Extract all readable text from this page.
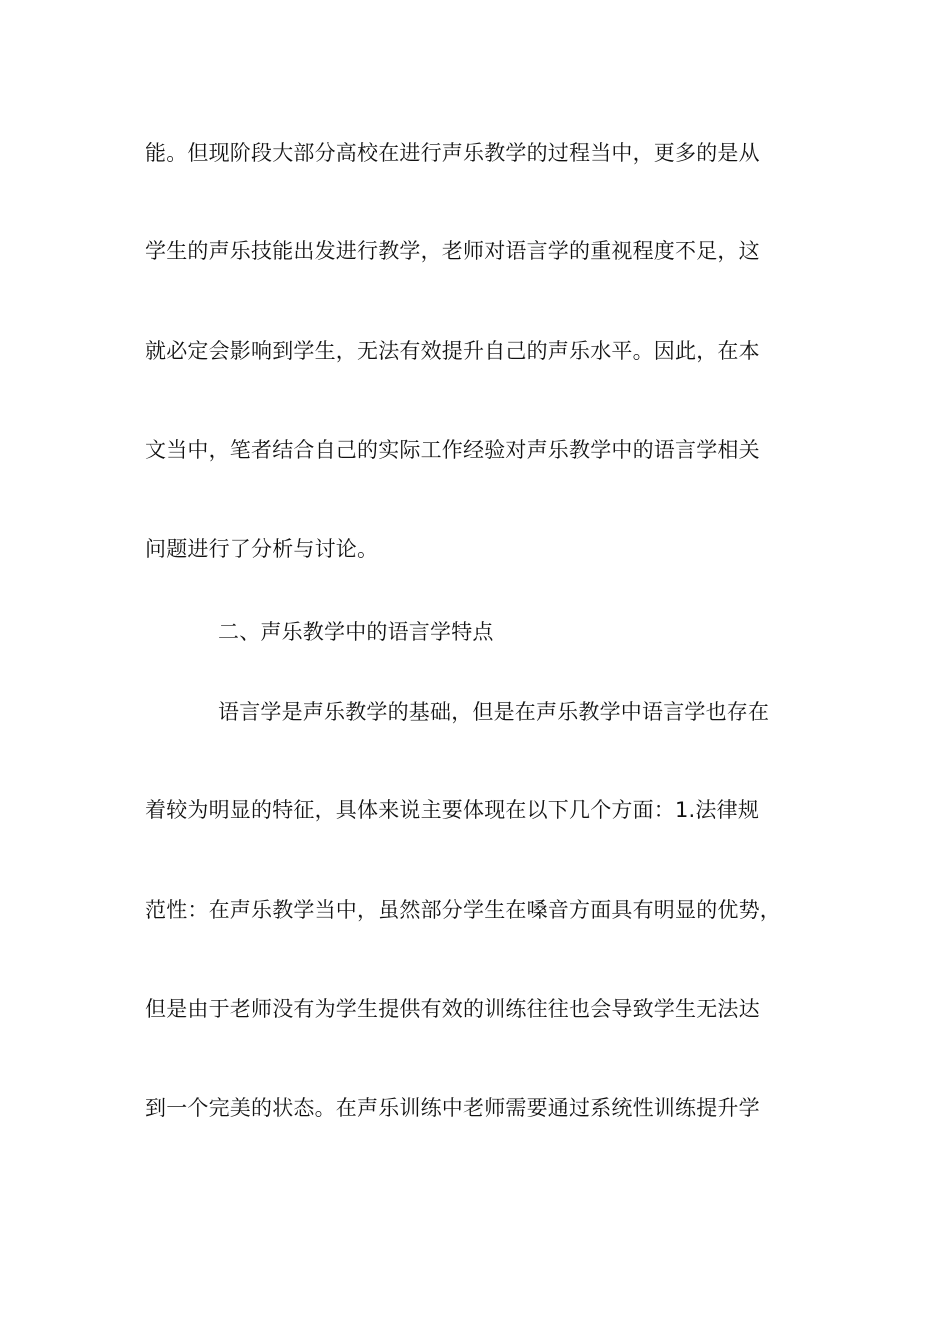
能。但现阶段大部分高校在进行声乐教学的过程当中，更多的是从
学生的声乐技能出发进行教学，老师对语言学的重视程度不足，这
就必定会影响到学生，无法有效提升自己的声乐水平。因此，在本
文当中，笔者结合自己的实际工作经验对声乐教学中的语言学相关
问题进行了分析与讨论。
二、声乐教学中的语言学特点
语言学是声乐教学的基础，但是在声乐教学中语言学也存在
着较为明显的特征，具体来说主要体现在以下几个方面：1.法律规
范性：在声乐教学当中，虽然部分学生在嗓音方面具有明显的优势，
但是由于老师没有为学生提供有效的训练往往也会导致学生无法达
到一个完美的状态。在声乐训练中老师需要通过系统性训练提升学
